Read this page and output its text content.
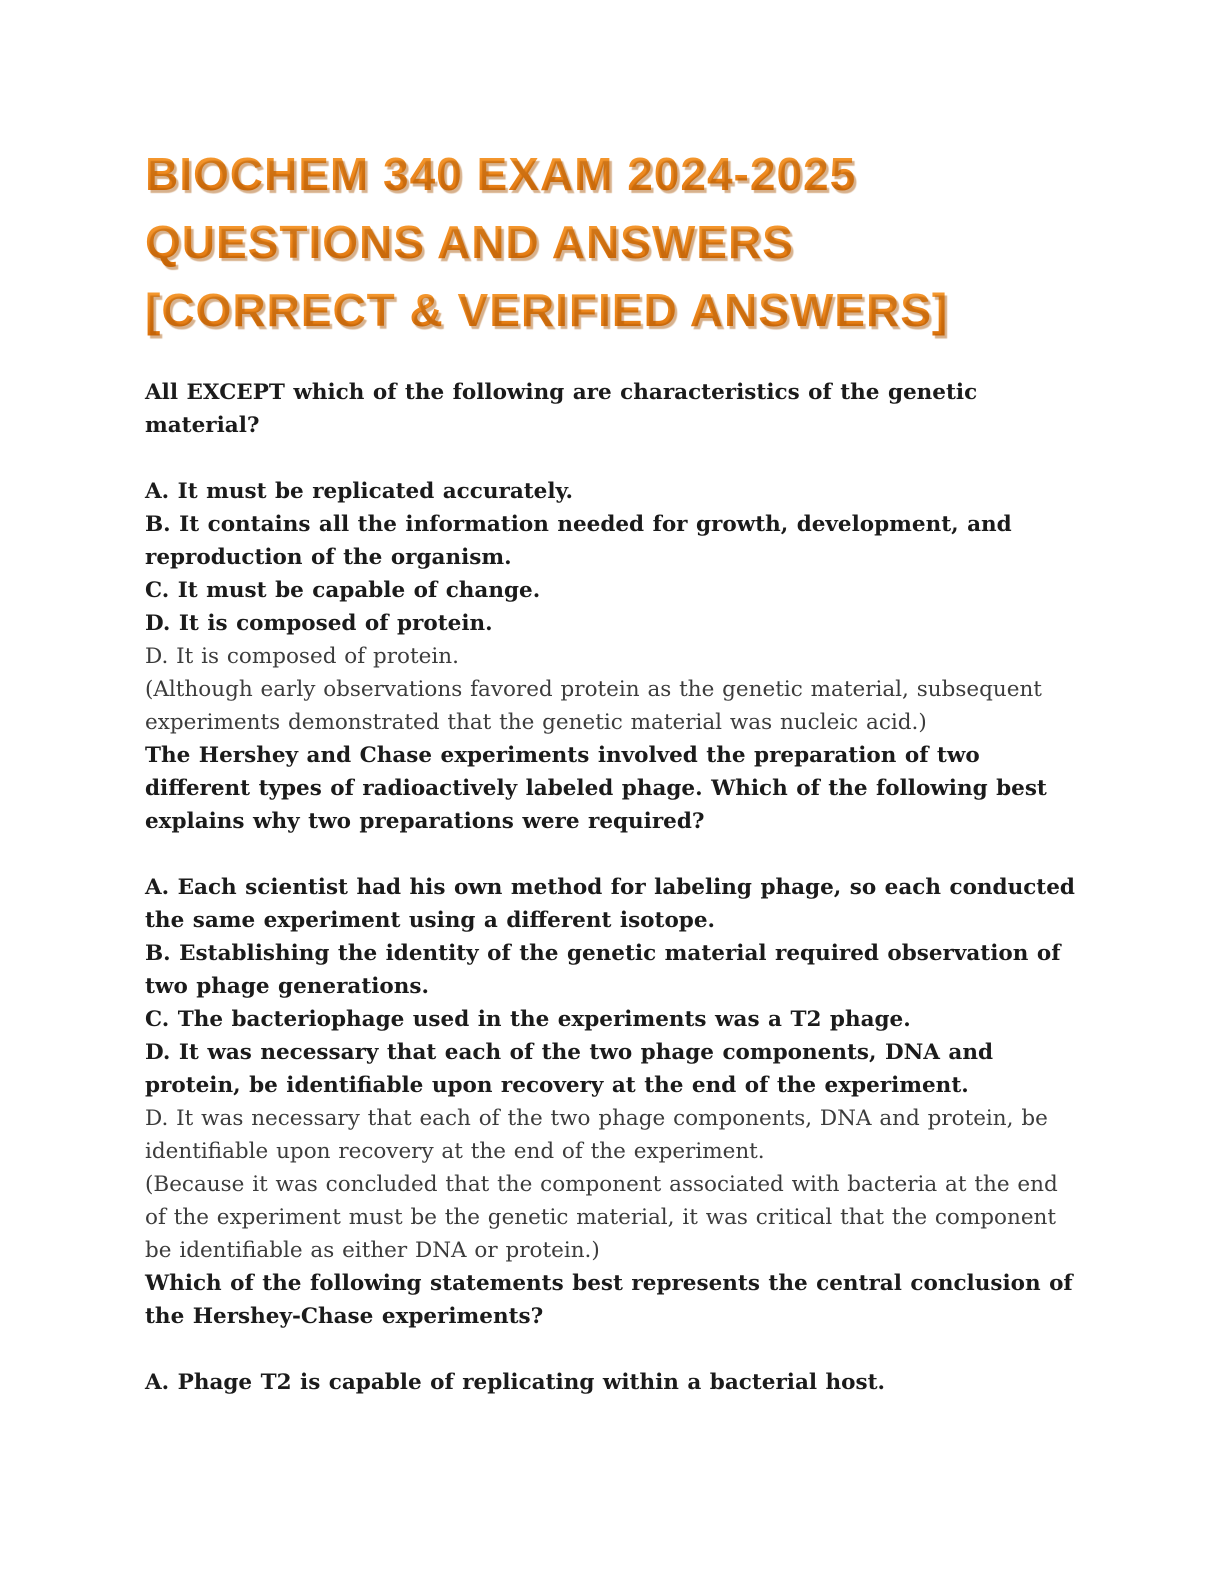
BIOCHEM 340 EXAM 2024-2025
QUESTIONS AND ANSWERS
[CORRECT & VERIFIED ANSWERS]

All EXCEPT which of the following are characteristics of the genetic material?

A. It must be replicated accurately.

B. It contains all the information needed for growth, development, and reproduction of the organism.

C. It must be capable of change.

D. It is composed of protein.

D. It is composed of protein.

(Although early observations favored protein as the genetic material, subsequent experiments demonstrated that the genetic material was nucleic acid.)

The Hershey and Chase experiments involved the preparation of two different types of radioactively labeled phage. Which of the following best explains why two preparations were required?

A. Each scientist had his own method for labeling phage, so each conducted the same experiment using a different isotope.

B. Establishing the identity of the genetic material required observation of two phage generations.

C. The bacteriophage used in the experiments was a T2 phage.

D. It was necessary that each of the two phage components, DNA and protein, be identifiable upon recovery at the end of the experiment.

D. It was necessary that each of the two phage components, DNA and protein, be identifiable upon recovery at the end of the experiment.

(Because it was concluded that the component associated with bacteria at the end of the experiment must be the genetic material, it was critical that the component be identifiable as either DNA or protein.)

Which of the following statements best represents the central conclusion of the Hershey-Chase experiments?

A. Phage T2 is capable of replicating within a bacterial host.
